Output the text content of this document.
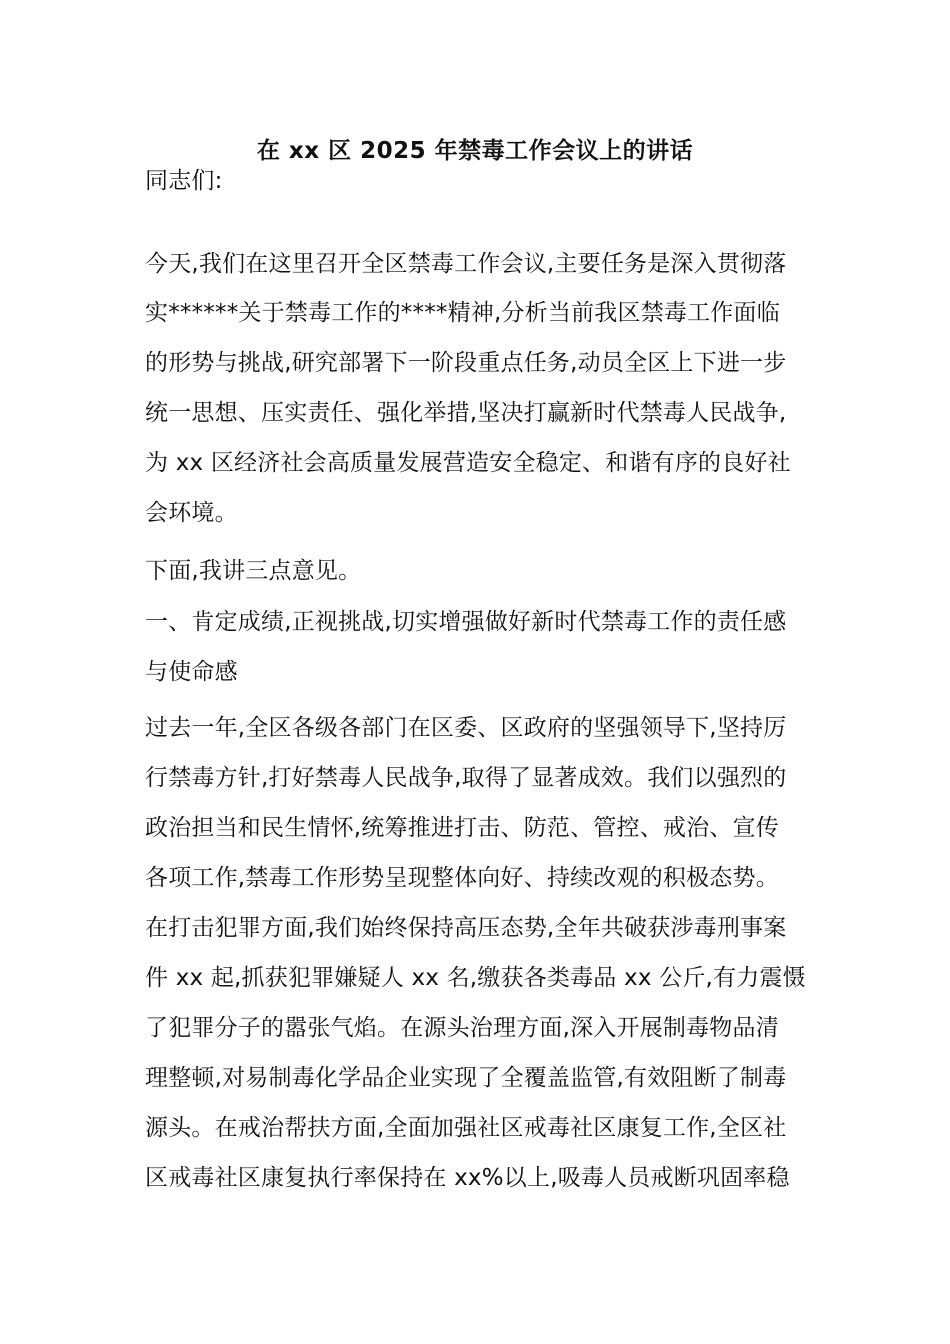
在 xx 区 2025 年禁毒工作会议上的讲话
同志们:
今天,我们在这里召开全区禁毒工作会议,主要任务是深入贯彻落
实******关于禁毒工作的****精神,分析当前我区禁毒工作面临
的形势与挑战,研究部署下一阶段重点任务,动员全区上下进一步
统一思想、压实责任、强化举措,坚决打赢新时代禁毒人民战争,
为 xx 区经济社会高质量发展营造安全稳定、和谐有序的良好社
会环境。
下面,我讲三点意见。
一、肯定成绩,正视挑战,切实增强做好新时代禁毒工作的责任感
与使命感
过去一年,全区各级各部门在区委、区政府的坚强领导下,坚持厉
行禁毒方针,打好禁毒人民战争,取得了显著成效。我们以强烈的
政治担当和民生情怀,统筹推进打击、防范、管控、戒治、宣传
各项工作,禁毒工作形势呈现整体向好、持续改观的积极态势。
在打击犯罪方面,我们始终保持高压态势,全年共破获涉毒刑事案
件 xx 起,抓获犯罪嫌疑人 xx 名,缴获各类毒品 xx 公斤,有力震慑
了犯罪分子的嚣张气焰。在源头治理方面,深入开展制毒物品清
理整顿,对易制毒化学品企业实现了全覆盖监管,有效阻断了制毒
源头。在戒治帮扶方面,全面加强社区戒毒社区康复工作,全区社
区戒毒社区康复执行率保持在 xx%以上,吸毒人员戒断巩固率稳
